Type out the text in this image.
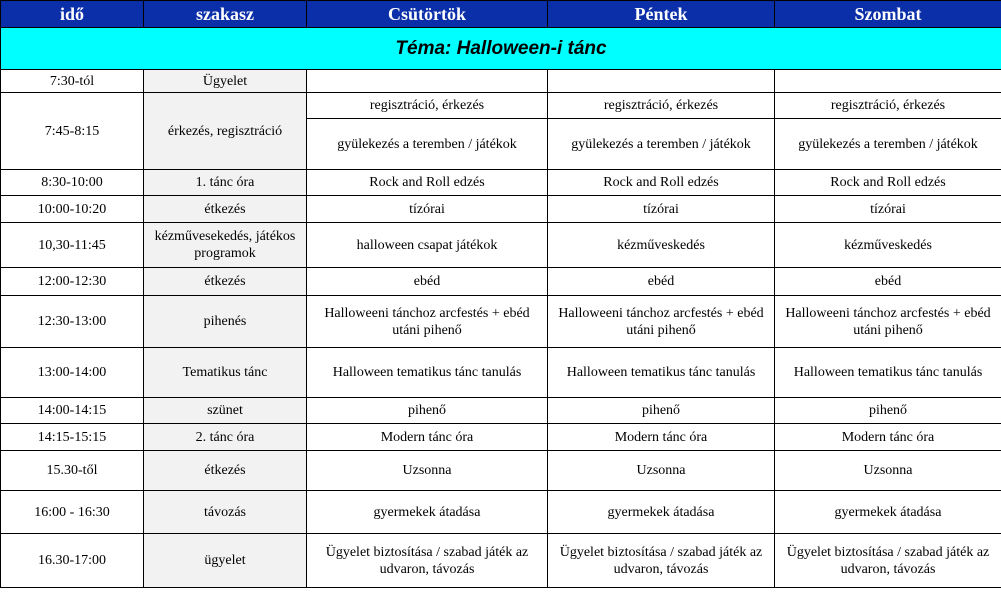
idő	szakasz	Csütörtök	Péntek	Szombat
Téma: Halloween-i tánc				
7:30-tól	Ügyelet			
7:45-8:15	érkezés, regisztráció	regisztráció, érkezés	regisztráció, érkezés	regisztráció, érkezés
		gyülekezés a teremben / játékok	gyülekezés a teremben / játékok	gyülekezés a teremben / játékok
8:30-10:00	1. tánc óra	Rock and Roll edzés	Rock and Roll edzés	Rock and Roll edzés
10:00-10:20	étkezés	tízórai	tízórai	tízórai
10,30-11:45	kézművesekedés, játékos programok	halloween csapat játékok	kézműveskedés	kézműveskedés
12:00-12:30	étkezés	ebéd	ebéd	ebéd
12:30-13:00	pihenés	Halloweeni tánchoz arcfestés + ebéd utáni pihenő	Halloweeni tánchoz arcfestés + ebéd utáni pihenő	Halloweeni tánchoz arcfestés + ebéd utáni pihenő
13:00-14:00	Tematikus tánc	Halloween tematikus tánc tanulás	Halloween tematikus tánc tanulás	Halloween tematikus tánc tanulás
14:00-14:15	szünet	pihenő	pihenő	pihenő
14:15-15:15	2. tánc óra	Modern tánc óra	Modern tánc óra	Modern tánc óra
15.30-től	étkezés	Uzsonna	Uzsonna	Uzsonna
16:00 - 16:30	távozás	gyermekek átadása	gyermekek átadása	gyermekek átadása
16.30-17:00	ügyelet	Ügyelet biztosítása / szabad játék az udvaron, távozás	Ügyelet biztosítása / szabad játék az udvaron, távozás	Ügyelet biztosítása / szabad játék az udvaron, távozás
